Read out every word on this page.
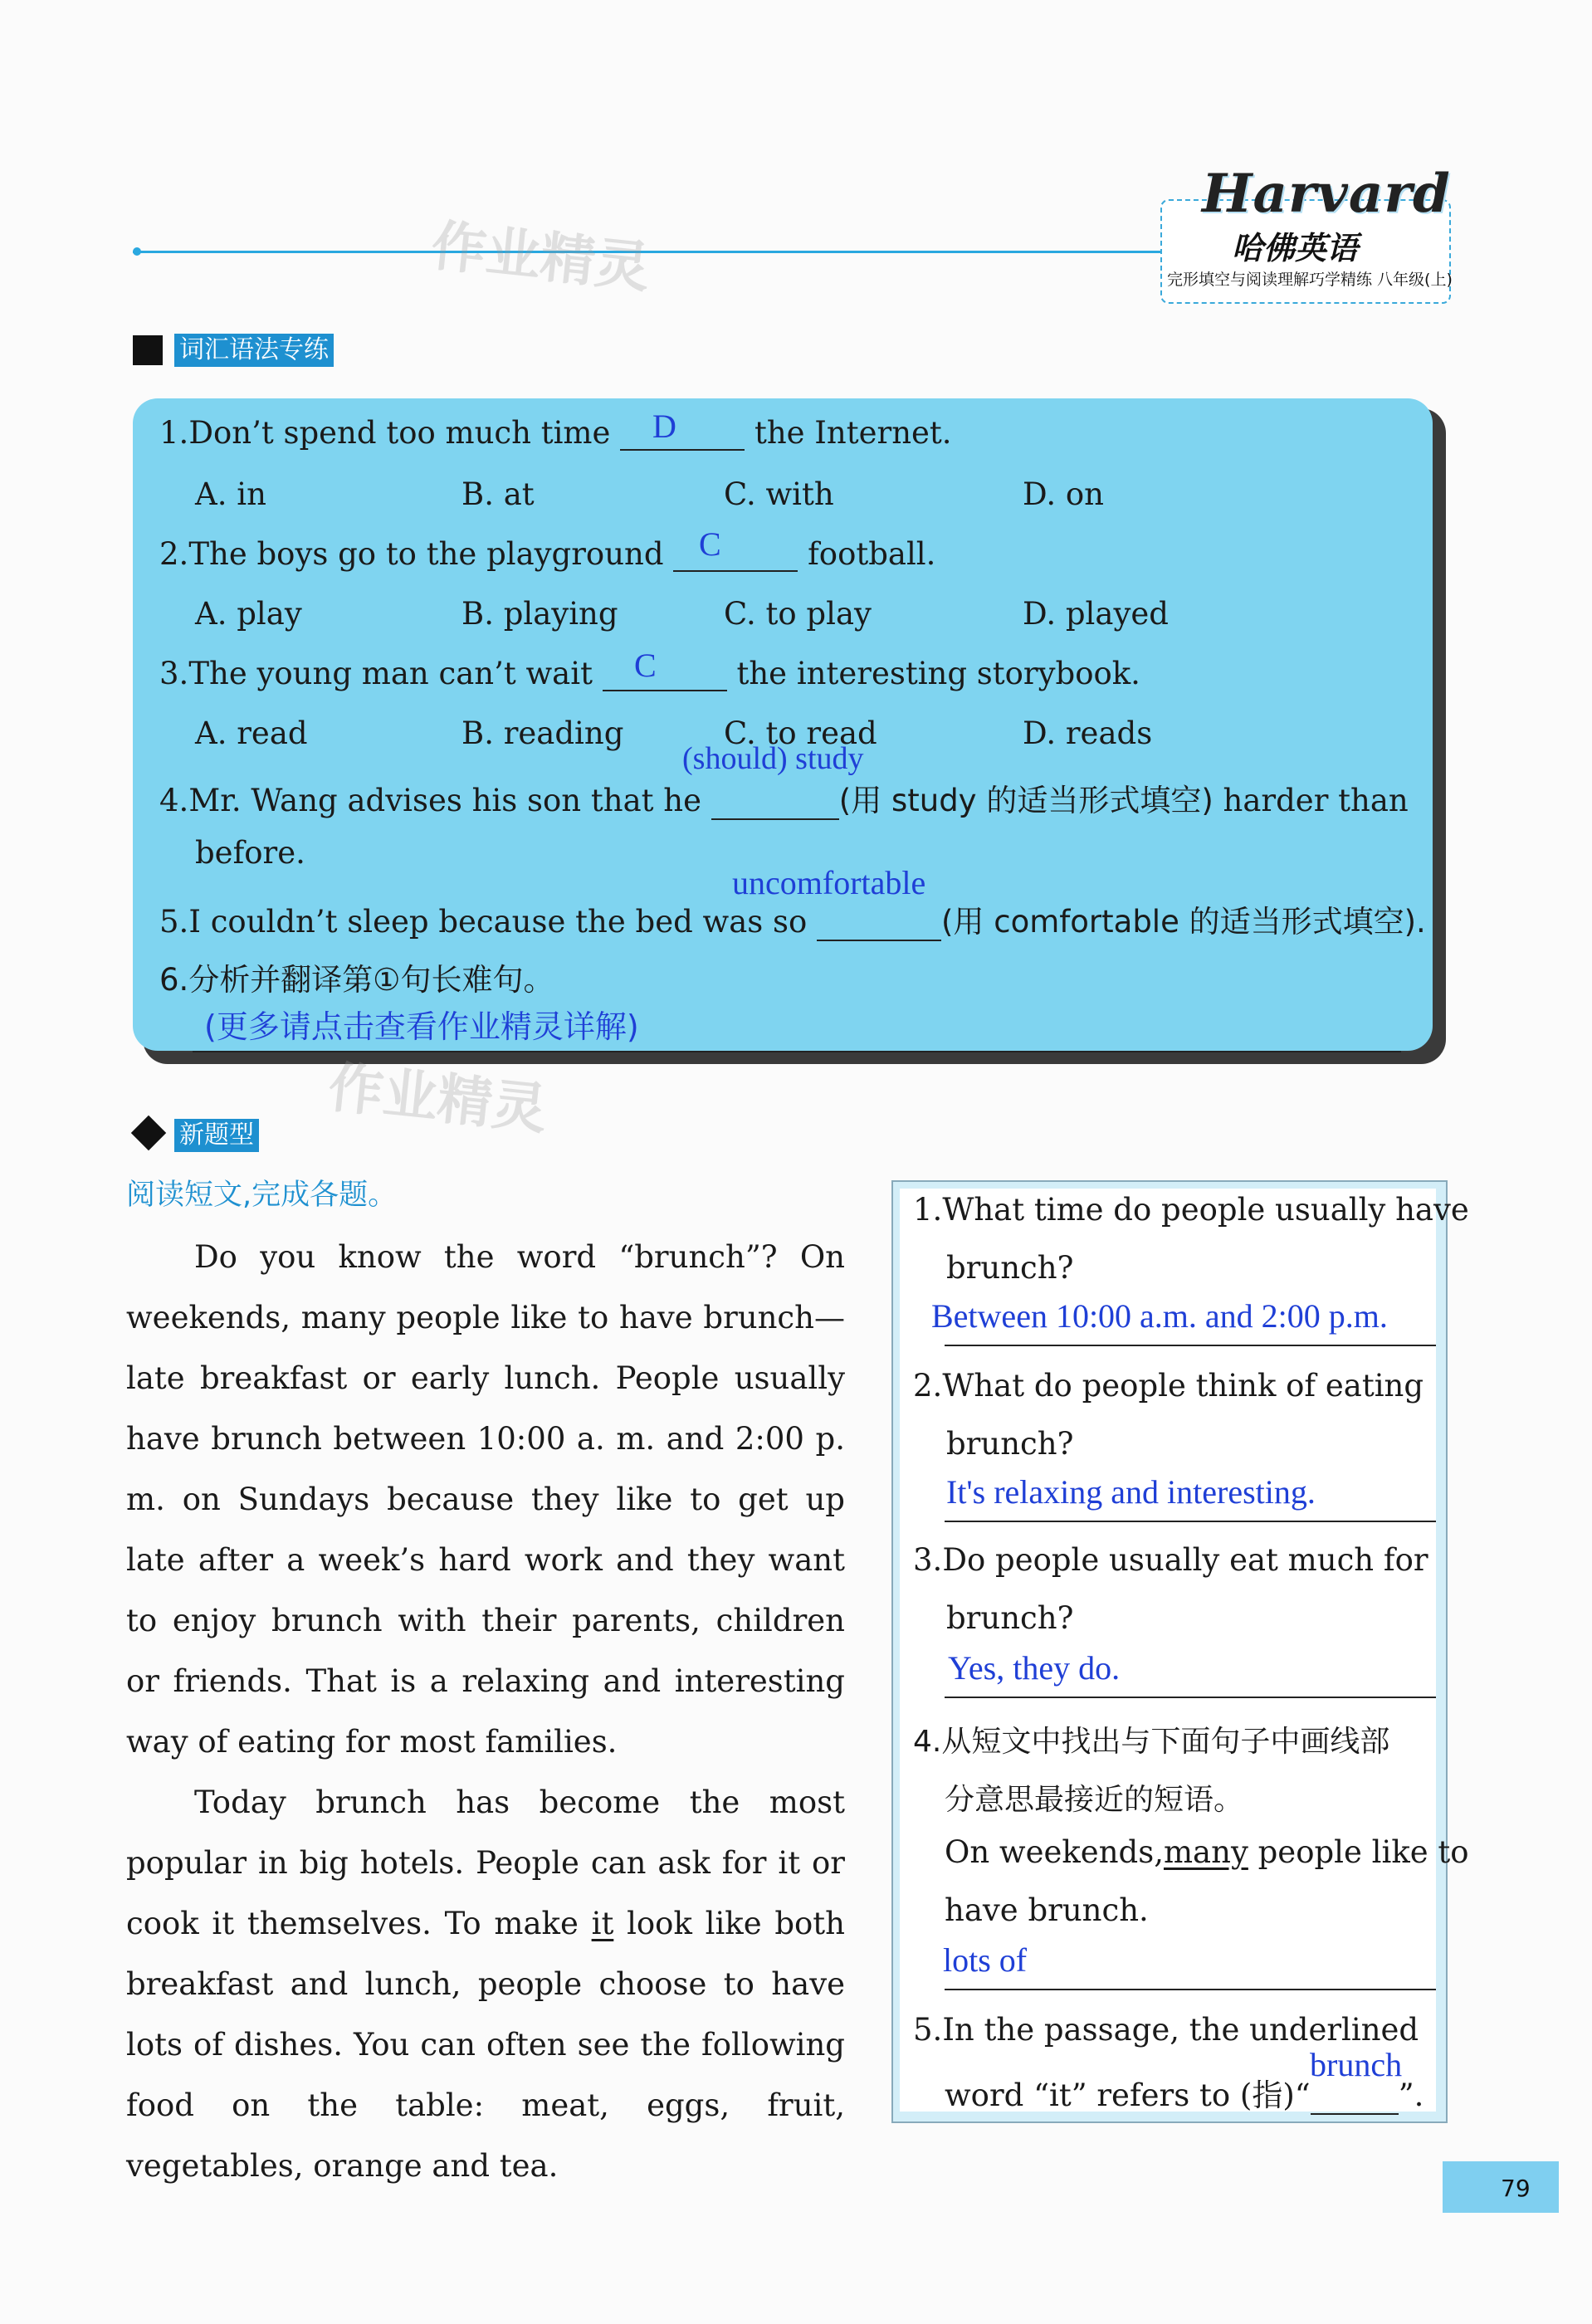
Harvard
哈佛英语
完形填空与阅读理解巧学精练 八年级(上)
作业精灵
词汇语法专练
1.Don’t spend too much time	the Internet.
D
A. in	B. at	C. with	D. on
2.The boys go to the playground	football.
C
A. play	B. playing	C. to play	D. played
3.The young man can’t wait	the interesting storybook.
C
A. read	B. reading	C. to read	D. reads
(should) study
4.Mr. Wang advises his son that he	(用 study 的适当形式填空) harder than
before.
uncomfortable
5.I couldn’t sleep because the bed was so	(用 comfortable 的适当形式填空).
6.分析并翻译第①句长难句。
(更多请点击查看作业精灵详解)
作业精灵
新题型
阅读短文,完成各题。

Do you know the word “brunch”? On weekends, many people like to have brunch—late breakfast or early lunch. People usually have brunch between 10:00 a. m. and 2:00 p. m. on Sundays because they like to get up late after a week’s hard work and they want to enjoy brunch with their parents, children or friends. That is a relaxing and interesting way of eating for most families.

Today brunch has become the most popular in big hotels. People can ask for it or cook it themselves. To make it look like both breakfast and lunch, people choose to have lots of dishes. You can often see the following food on the table: meat, eggs, fruit, vegetables, orange and tea.

1.What time do people usually have
brunch?
Between 10:00 a.m. and 2:00 p.m.
2.What do people think of eating
brunch?
It's relaxing and interesting.
3.Do people usually eat much for
brunch?
Yes, they do.
4.从短文中找出与下面句子中画线部
分意思最接近的短语。
On weekends,many people like to
have brunch.
lots of
5.In the passage, the underlined
word “it” refers to (指)“	”.
brunch
79
